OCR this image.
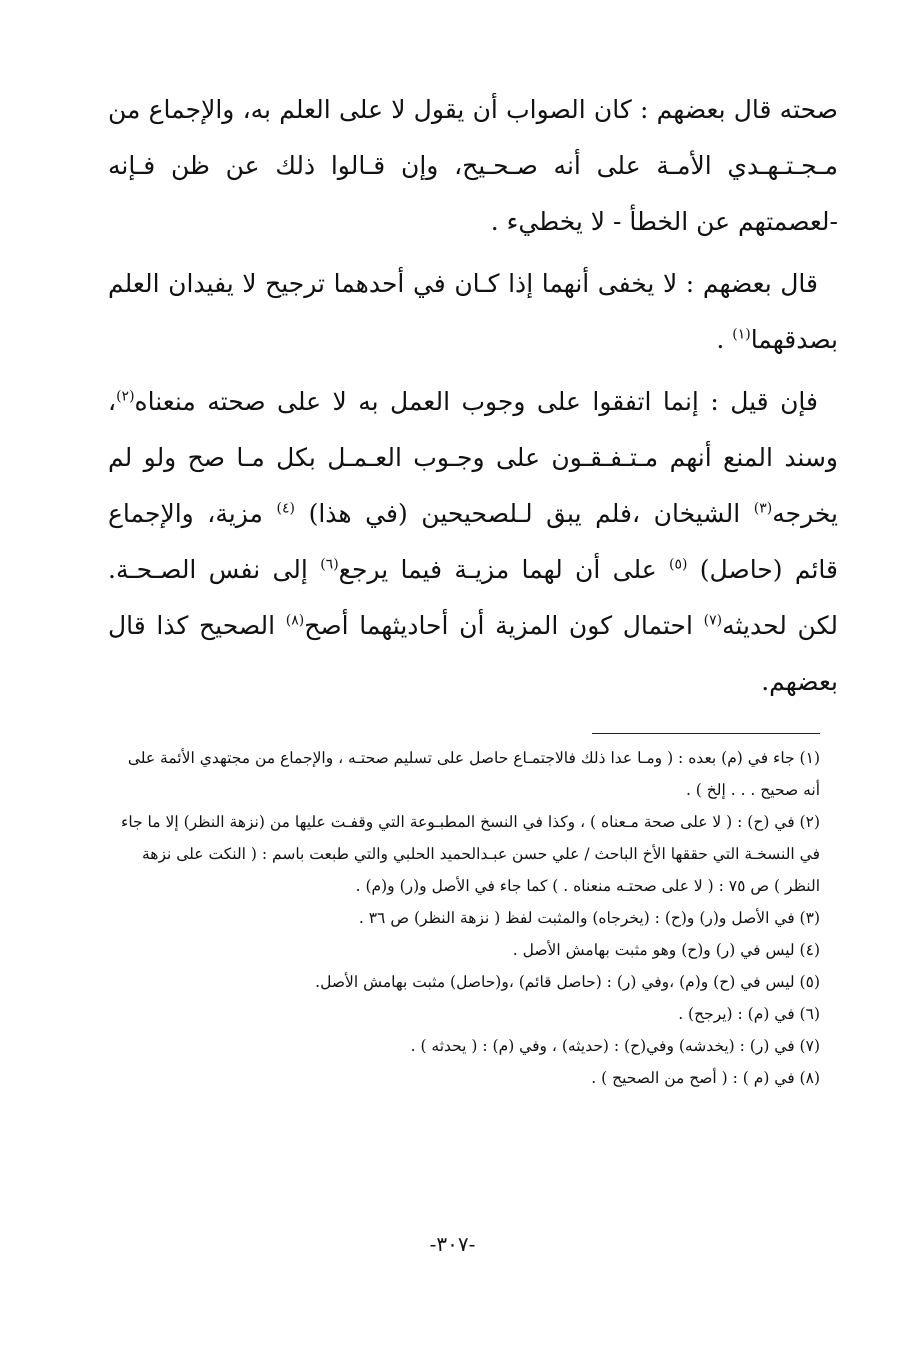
صحته قال بعضهم : كان الصواب أن يقول لا على العلم به، والإجماع من مـجـتـهـدي الأمـة على أنه صـحـيح، وإن قـالوا ذلك عن ظن فـإنه -لعصمتهم عن الخطأ - لا يخطيء .

قال بعضهم : لا يخفى أنهما إذا كـان في أحدهما ترجيح لا يفيدان العلم بصدقهما$^{(١)}$ .

فإن قيل : إنما اتفقوا على وجوب العمل به لا على صحته منعناه$^{(٢)}$، وسند المنع أنهم مـتـفـقـون على وجـوب العـمـل بكل مـا صح ولو لم يخرجه$^{(٣)}$ الشيخان ،فلم يبق لـلصحيحين (في هذا) $^{(٤)}$ مزية، والإجماع قائم (حاصل) $^{(٥)}$ على أن لهما مزيـة فيما يرجع$^{(٦)}$ إلى نفس الصـحـة. لكن لحديثه$^{(٧)}$ احتمال كون المزية أن أحاديثهما أصح$^{(٨)}$ الصحيح كذا قال بعضهم.

(١) جاء في (م) بعده : ( ومـا عدا ذلك فالاجتمـاع حاصل على تسليم صحتـه ، والإجماع من مجتهدي الأئمة على أنه صحيح . . . إلخ ) .

(٢) في (ح) : ( لا على صحة مـعناه ) ، وكذا في النسخ المطبـوعة التي وقفـت عليها من (نزهة النظر) إلا ما جاء في النسخـة التي حققها الأخ الباحث / علي حسن عبـدالحميد الحلبي والتي طبعت باسم : ( النكت على نزهة النظر ) ص ٧٥ : ( لا على صحتـه منعناه . ) كما جاء في الأصل و(ر) و(م) .

(٣) في الأصل و(ر) و(ح) : (يخرجاه) والمثبت لفظ ( نزهة النظر) ص ٣٦ .

(٤) ليس في (ر) و(ح) وهو مثبت بهامش الأصل .

(٥) ليس في (ح) و(م) ،وفي (ر) : (حاصل قائم) ،و(حاصل) مثبت بهامش الأصل.

(٦) في (م) : (يرجح) .

(٧) في (ر) : (يخدشه) وفي(ح) : (حديثه) ، وفي (م) : ( يحدثه ) .

(٨) في (م ) : ( أصح من الصحيح ) .

-٣٠٧-
